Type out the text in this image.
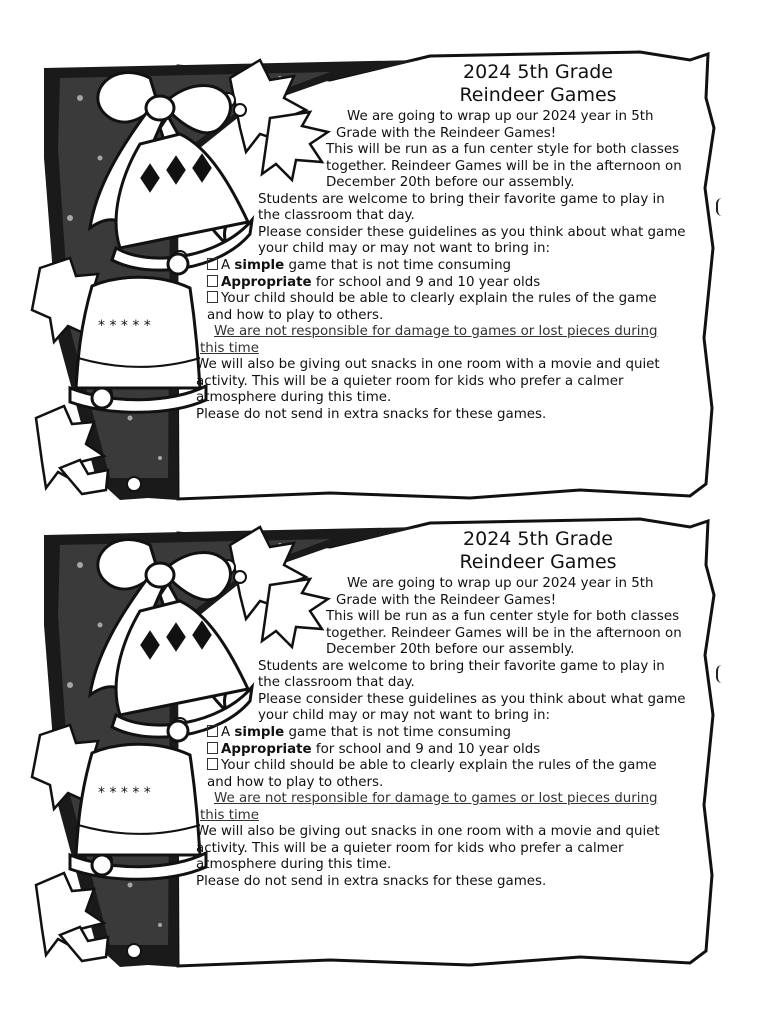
* * * * *
2024 5th Grade
Reindeer Games
We are going to wrap up our 2024 year in 5th
Grade with the Reindeer Games!
This will be run as a fun center style for both classes
together. Reindeer Games will be in the afternoon on
December 20th before our assembly.
Students are welcome to bring their favorite game to play in
the classroom that day.
Please consider these guidelines as you think about what game
your child may or may not want to bring in:
A simple game that is not time consuming
Appropriate for school and 9 and 10 year olds
Your child should be able to clearly explain the rules of the game
and how to play to others.
We are not responsible for damage to games or lost pieces during
this time
We will also be giving out snacks in one room with a movie and quiet
activity. This will be a quieter room for kids who prefer a calmer
atmosphere during this time.
Please do not send in extra snacks for these games.
* * * * *
2024 5th Grade
Reindeer Games
We are going to wrap up our 2024 year in 5th
Grade with the Reindeer Games!
This will be run as a fun center style for both classes
together. Reindeer Games will be in the afternoon on
December 20th before our assembly.
Students are welcome to bring their favorite game to play in
the classroom that day.
Please consider these guidelines as you think about what game
your child may or may not want to bring in:
A simple game that is not time consuming
Appropriate for school and 9 and 10 year olds
Your child should be able to clearly explain the rules of the game
and how to play to others.
We are not responsible for damage to games or lost pieces during
this time
We will also be giving out snacks in one room with a movie and quiet
activity. This will be a quieter room for kids who prefer a calmer
atmosphere during this time.
Please do not send in extra snacks for these games.
